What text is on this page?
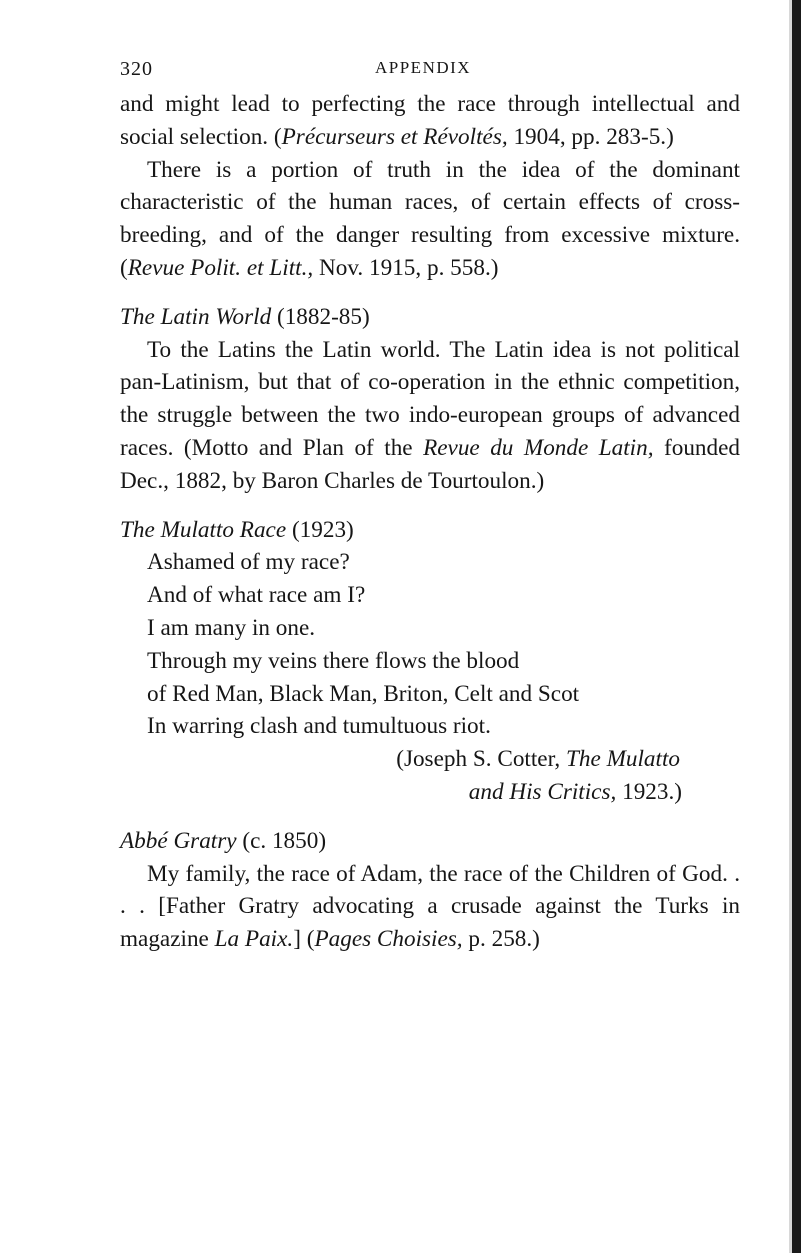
320	APPENDIX

and might lead to perfecting the race through intellectual and social selection. (Précurseurs et Révoltés, 1904, pp. 283-5.)

There is a portion of truth in the idea of the dominant characteristic of the human races, of certain effects of cross-breeding, and of the danger resulting from excessive mixture. (Revue Polit. et Litt., Nov. 1915, p. 558.)

The Latin World (1882-85)

To the Latins the Latin world. The Latin idea is not political pan-Latinism, but that of co-operation in the ethnic competition, the struggle between the two indo-european groups of advanced races. (Motto and Plan of the Revue du Monde Latin, founded Dec., 1882, by Baron Charles de Tourtoulon.)

The Mulatto Race (1923)

Ashamed of my race?

And of what race am I?

I am many in one.

Through my veins there flows the blood

of Red Man, Black Man, Briton, Celt and Scot

In warring clash and tumultuous riot.

(Joseph S. Cotter, The Mulatto

and His Critics, 1923.)

Abbé Gratry (c. 1850)

My family, the race of Adam, the race of the Children of God. . . . [Father Gratry advocating a crusade against the Turks in magazine La Paix.] (Pages Choisies, p. 258.)
